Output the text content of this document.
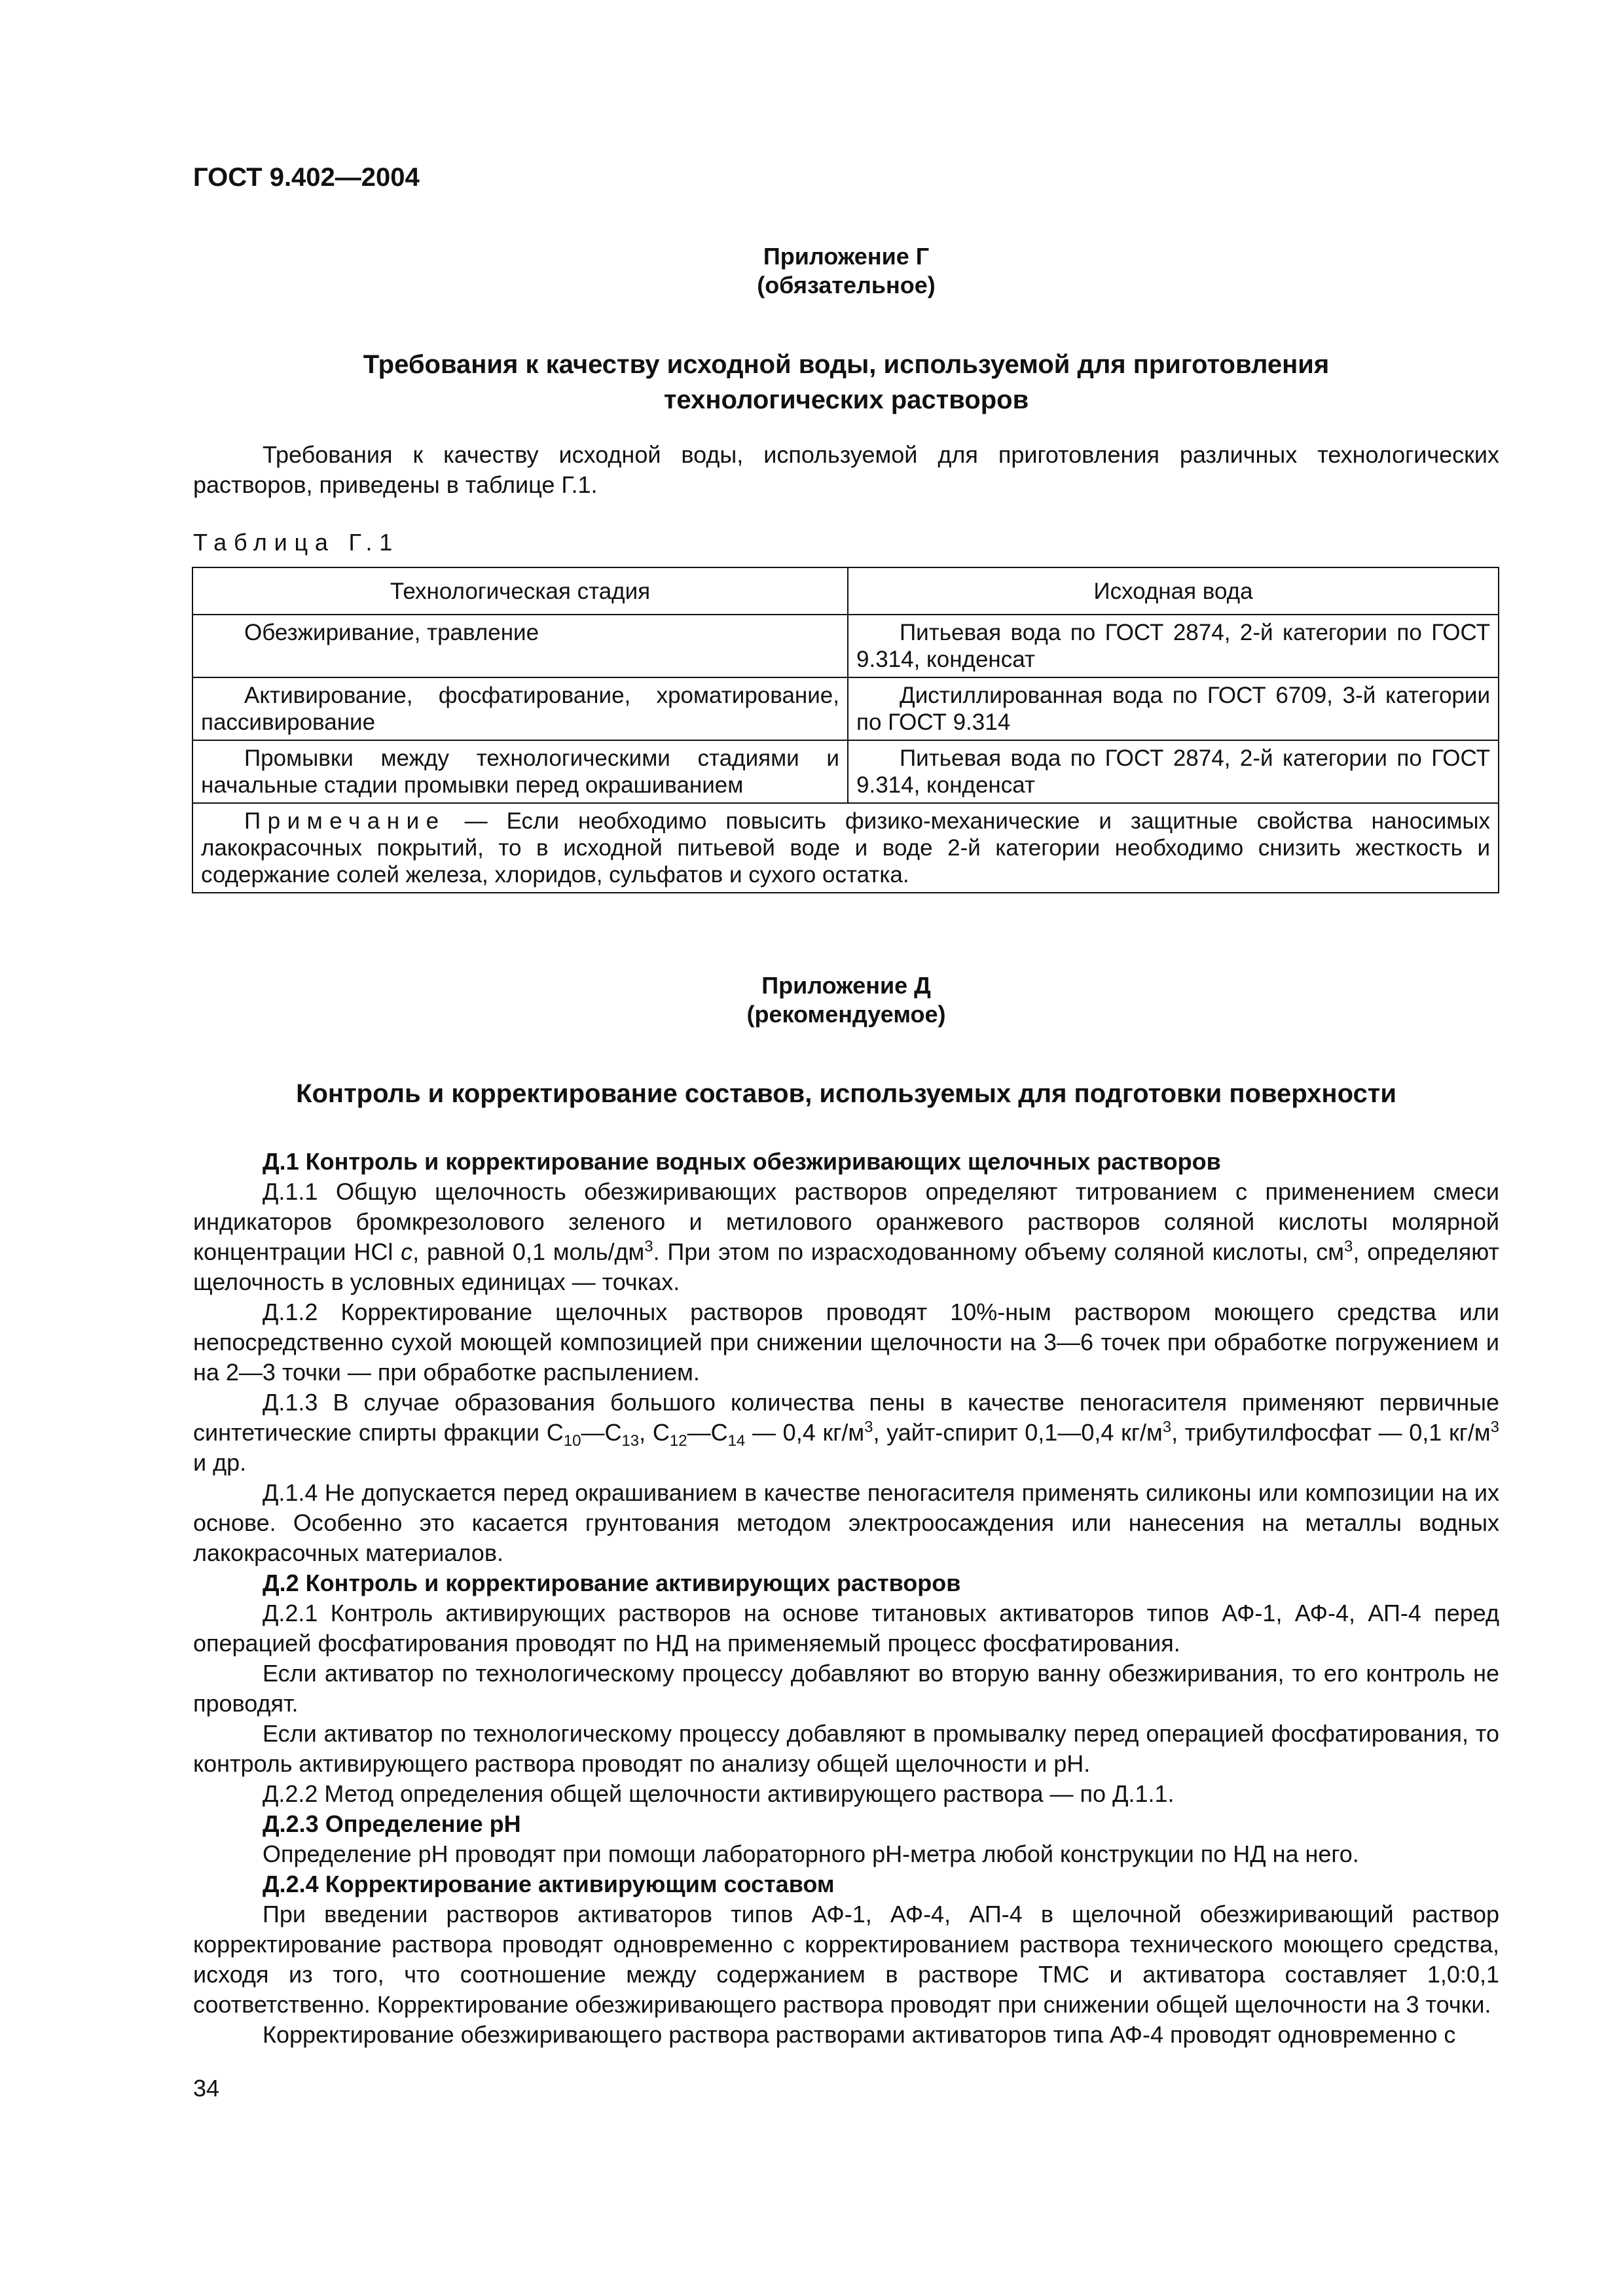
ГОСТ 9.402—2004
Приложение Г
(обязательное)
Требования к качеству исходной воды, используемой для приготовления
технологических растворов
Требования к качеству исходной воды, используемой для приготовления различных технологических растворов, приведены в таблице Г.1.
Таблица Г.1
Технологическая стадия	Исходная вода
Обезжиривание, травление	Питьевая вода по ГОСТ 2874, 2-й категории по ГОСТ 9.314, конденсат
Активирование, фосфатирование, хроматирование, пассивирование	Дистиллированная вода по ГОСТ 6709, 3-й категории по ГОСТ 9.314
Промывки между технологическими стадиями и начальные стадии промывки перед окрашиванием	Питьевая вода по ГОСТ 2874, 2-й категории по ГОСТ 9.314, конденсат
Примечание — Если необходимо повысить физико-механические и защитные свойства наносимых лакокрасочных покрытий, то в исходной питьевой воде и воде 2-й категории необходимо снизить жесткость и содержание солей железа, хлоридов, сульфатов и сухого остатка.	
Приложение Д
(рекомендуемое)
Контроль и корректирование составов, используемых для подготовки поверхности

Д.1 Контроль и корректирование водных обезжиривающих щелочных растворов

Д.1.1 Общую щелочность обезжиривающих растворов определяют титрованием с применением смеси индикаторов бромкрезолового зеленого и метилового оранжевого растворов соляной кислоты молярной концентрации HCl c, равной 0,1 моль/$дм^3$. При этом по израсходованному объему соляной кислоты, $см^3$, определяют щелочность в условных единицах — точках.

Д.1.2 Корректирование щелочных растворов проводят 10%-ным раствором моющего средства или непосредственно сухой моющей композицией при снижении щелочности на 3—6 точек при обработке погружением и на 2—3 точки — при обработке распылением.

Д.1.3 В случае образования большого количества пены в качестве пеногасителя применяют первичные синтетические спирты фракции $С_{10}—С_{13}$, $С_{12}—С_{14}$ — 0,4 $кг/м^3$, уайт-спирит 0,1—0,4 $кг/м^3$, трибутилфосфат — 0,1 $кг/м^3$ и др.

Д.1.4 Не допускается перед окрашиванием в качестве пеногасителя применять силиконы или композиции на их основе. Особенно это касается грунтования методом электроосаждения или нанесения на металлы водных лакокрасочных материалов.

Д.2 Контроль и корректирование активирующих растворов

Д.2.1 Контроль активирующих растворов на основе титановых активаторов типов АФ-1, АФ-4, АП-4 перед операцией фосфатирования проводят по НД на применяемый процесс фосфатирования.

Если активатор по технологическому процессу добавляют во вторую ванну обезжиривания, то его контроль не проводят.

Если активатор по технологическому процессу добавляют в промывалку перед операцией фосфатирования, то контроль активирующего раствора проводят по анализу общей щелочности и рН.

Д.2.2 Метод определения общей щелочности активирующего раствора — по Д.1.1.

Д.2.3 Определение рН

Определение рН проводят при помощи лабораторного рН-метра любой конструкции по НД на него.

Д.2.4 Корректирование активирующим составом

При введении растворов активаторов типов АФ-1, АФ-4, АП-4 в щелочной обезжиривающий раствор корректирование раствора проводят одновременно с корректированием раствора технического моющего средства, исходя из того, что соотношение между содержанием в растворе ТМС и активатора составляет 1,0:0,1 соответственно. Корректирование обезжиривающего раствора проводят при снижении общей щелочности на 3 точки.

Корректирование обезжиривающего раствора растворами активаторов типа АФ-4 проводят одновременно с

34
